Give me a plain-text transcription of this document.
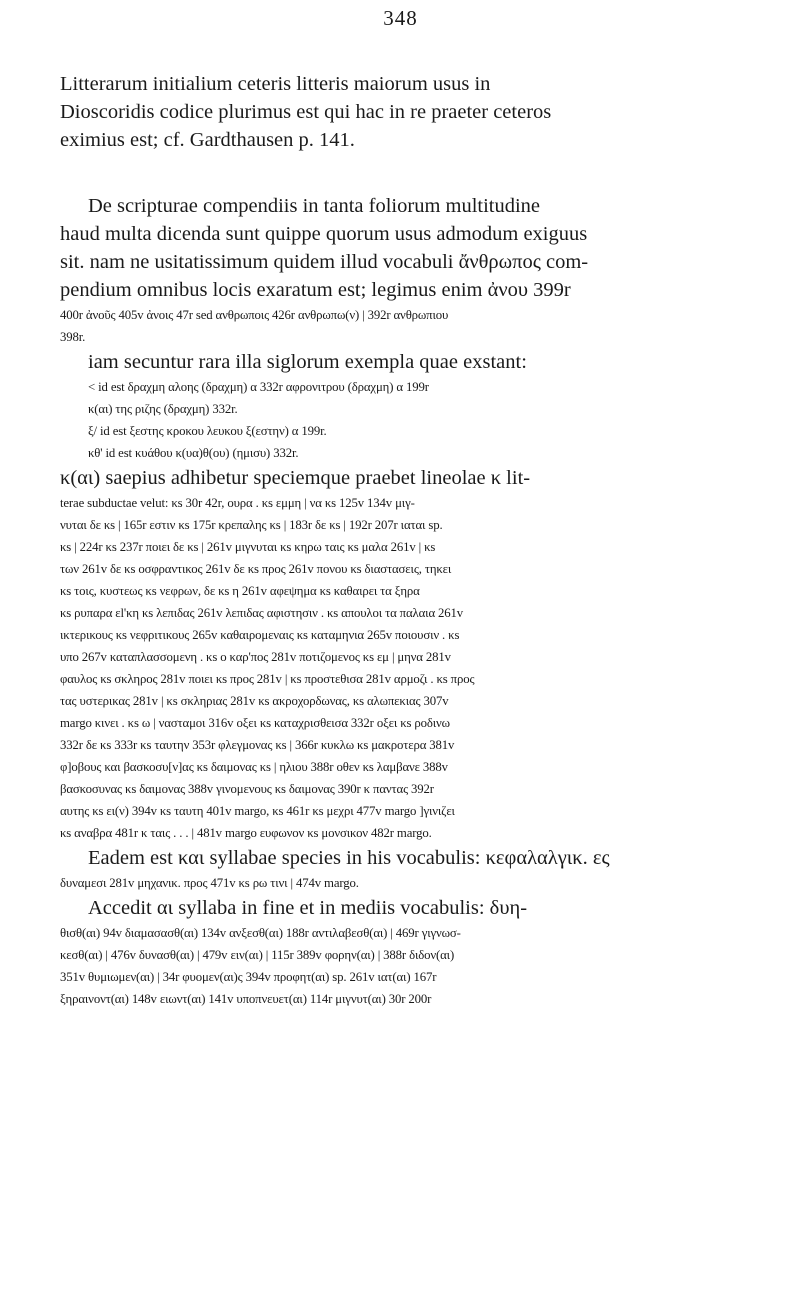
348
Litterarum initialium ceteris litteris maiorum usus in
Dioscoridis codice plurimus est qui hac in re praeter ceteros
eximius est; cf. Gardthausen p. 141.
De scripturae compendiis in tanta foliorum multitudine
haud multa dicenda sunt quippe quorum usus admodum exiguus
sit. nam ne usitatissimum quidem illud vocabuli ἄνθρωπος com-
pendium omnibus locis exaratum est; legimus enim ἀνου 399r
400r ἀνοῦς 405v ἀνοις 47r sed ανθρωποις 426r ανθρωπω(ν) | 392r ανθρωπιου
398r.
iam secuntur rara illa siglorum exempla quae exstant:
< id est δραχμη αλοης (δραχμη) α 332r αφρονιτρου (δραχμη) α 199r
κ(αι) της ριζης (δραχμη) 332r.
ξ/ id est ξεστης κροκου λευκου ξ(εστην) α 199r.
κθ' id est κυάθου κ(υα)θ(ου) (ημισυ) 332r.
κ(αι) saepius adhibetur speciemque praebet lineolae κ lit-
terae subductae velut: κs 30r 42r, ουρα . κs εμμη | να κs 125v 134v μιγ-
νυται δε κs | 165r εστιν κs 175r κρεπαλης κs | 183r δε κs | 192r 207r ιαται sp.
κs | 224r κs 237r ποιει δε κs | 261v μιγνυται κs κηρω ταις κs μαλα 261v | κs
των 261v δε κs οσφραντικος 261v δε κs προς 261v πονου κs διαστασεις, τηκει
κs τοις, κυστεως κs νεφρων, δε κs η 261v αφεψημα κs καθαιρει τα ξηρα
κs ρυπαρα εl'κη κs λεπιδας 261v λεπιδας αφιστησιν . κs απουλοι τα παλαια 261v
ικτερικους κs νεφριτικους 265v καθαιρομεναις κs καταμηνια 265v ποιουσιν . κs
υπο 267v καταπλασσομενη . κs ο καρ'πος 281v ποτιζομενος κs εμ | μηνα 281v
φαυλος κs σκληρος 281v ποιει κs προς 281v | κs προστεθισα 281v αρμοζι . κs προς
τας υστερικας 281v | κs σκληριας 281v κs ακροχορδωνας, κs αλωπεκιας 307v
margo κινει . κs ω | νασταμοι 316v οξει κs καταχρισθεισα 332r οξει κs ροδινω
332r δε κs 333r κs ταυτην 353r φλεγμονας κs | 366r κυκλω κs μακροτερα 381v
φ]οβους και βασκοσυ[ν]ας κs δαιμονας κs | ηλιου 388r οθεν κs λαμβανε 388v
βασκοσυνας κs δαιμονας 388v γινομενους κs δαιμονας 390r κ παντας 392r
αυτης κs ει(ν) 394v κs ταυτη 401v margo, κs 461r κs μεχρι 477v margo ]γινιζει
κs αναβρα 481r κ ταις . . . | 481v margo ευφωνον κs μονσικον 482r margo.
Eadem est και syllabae species in his vocabulis: κεφαλαλγικ. ες
δυναμεσι 281v μηχανικ. προς 471v κs ρω τινι | 474v margo.
Accedit αι syllaba in fine et in mediis vocabulis: δυη-
θισθ(αι) 94v διαμασασθ(αι) 134v ανξεσθ(αι) 188r αντιλαβεσθ(αι) | 469r γιγνωσ-
κεσθ(αι) | 476v δυνασθ(αι) | 479v ειν(αι) | 115r 389v φορην(αι) | 388r διδον(αι)
351v θυμιωμεν(αι) | 34r φυομεν(αι)ς 394v προφητ(αι) sp. 261v ιατ(αι) 167r
ξηραινοντ(αι) 148v ειωντ(αι) 141v υποπνευετ(αι) 114r μιγνυτ(αι) 30r 200r
